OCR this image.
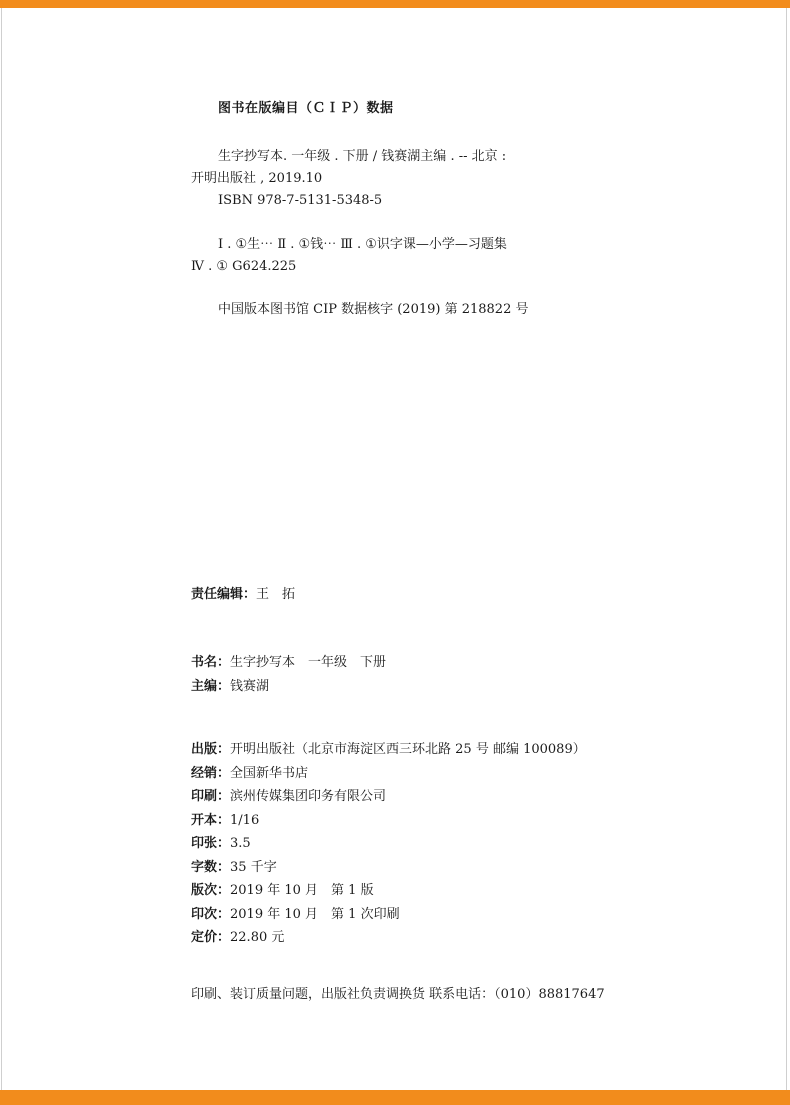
图书在版编目（ＣＩＰ）数据
生字抄写本. 一年级 . 下册 / 钱赛湖主编 . -- 北京 :
开明出版社 , 2019.10
ISBN 978-7-5131-5348-5
Ⅰ . ①生⋯ Ⅱ . ①钱⋯ Ⅲ . ①识字课—小学—习题集
Ⅳ . ① G624.225
中国版本图书馆 CIP 数据核字 (2019) 第 218822 号
责任编辑：王　拓
书名：生字抄写本　一年级　下册
主编：钱赛湖
出版：开明出版社（北京市海淀区西三环北路 25 号 邮编 100089）
经销：全国新华书店
印刷：滨州传媒集团印务有限公司
开本：1/16
印张：3.5
字数：35 千字
版次：2019 年 10 月　第 1 版
印次：2019 年 10 月　第 1 次印刷
定价：22.80 元
印刷、装订质量问题，出版社负责调换货 联系电话：（010）88817647
